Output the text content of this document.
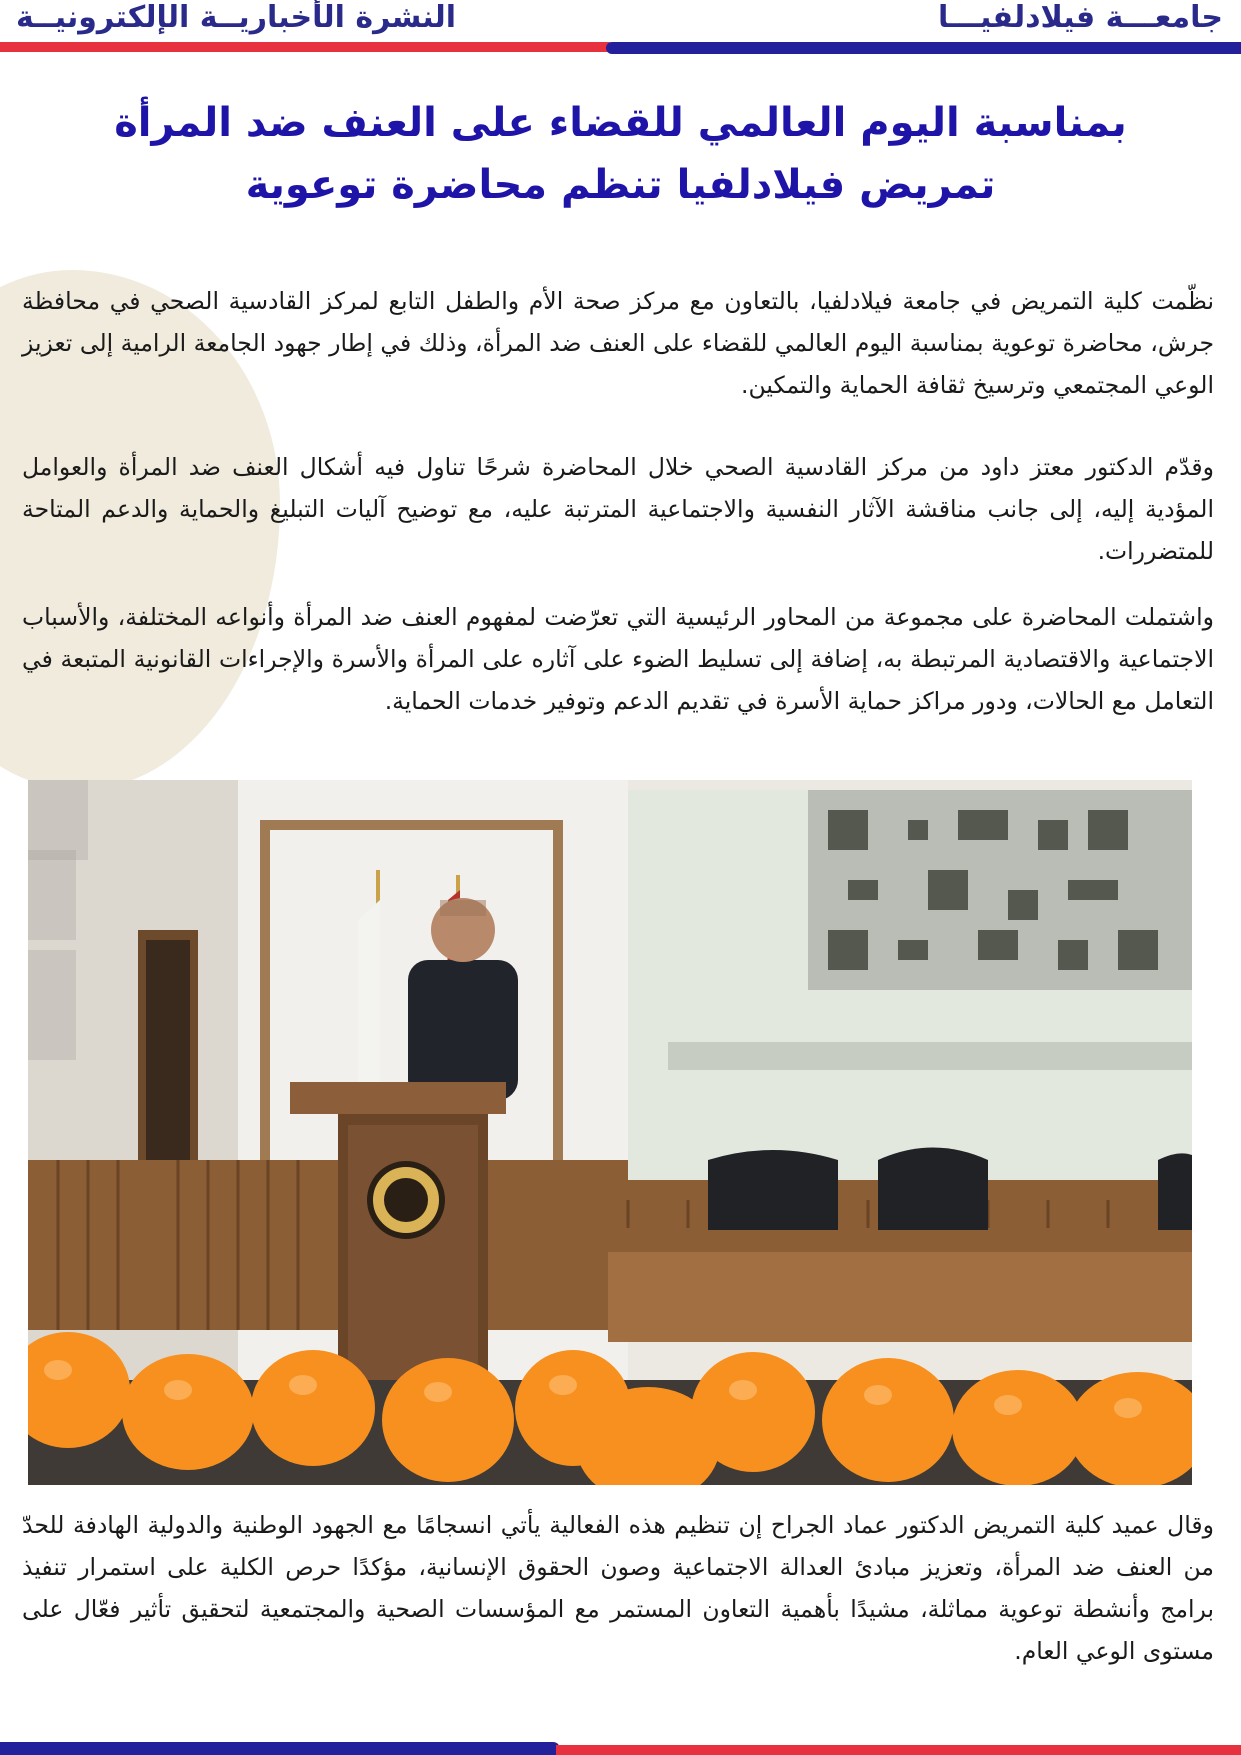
جامعـــة فيلادلفيـــا
النشرة الأخباريــة الإلكترونيــة
بمناسبة اليوم العالمي للقضاء على العنف ضد المرأة
تمريض فيلادلفيا تنظم محاضرة توعوية

نظّمت كلية التمريض في جامعة فيلادلفيا، بالتعاون مع مركز صحة الأم والطفل التابع لمركز القادسية الصحي في محافظة جرش، محاضرة توعوية بمناسبة اليوم العالمي للقضاء على العنف ضد المرأة، وذلك في إطار جهود الجامعة الرامية إلى تعزيز الوعي المجتمعي وترسيخ ثقافة الحماية والتمكين.

وقدّم الدكتور معتز داود من مركز القادسية الصحي خلال المحاضرة شرحًا تناول فيه أشكال العنف ضد المرأة والعوامل المؤدية إليه، إلى جانب مناقشة الآثار النفسية والاجتماعية المترتبة عليه، مع توضيح آليات التبليغ والحماية والدعم المتاحة للمتضررات.

واشتملت المحاضرة على مجموعة من المحاور الرئيسية التي تعرّضت لمفهوم العنف ضد المرأة وأنواعه المختلفة، والأسباب الاجتماعية والاقتصادية المرتبطة به، إضافة إلى تسليط الضوء على آثاره على المرأة والأسرة والإجراءات القانونية المتبعة في التعامل مع الحالات، ودور مراكز حماية الأسرة في تقديم الدعم وتوفير خدمات الحماية.

وقال عميد كلية التمريض الدكتور عماد الجراح إن تنظيم هذه الفعالية يأتي انسجامًا مع الجهود الوطنية والدولية الهادفة للحدّ من العنف ضد المرأة، وتعزيز مبادئ العدالة الاجتماعية وصون الحقوق الإنسانية، مؤكدًا حرص الكلية على استمرار تنفيذ برامج وأنشطة توعوية مماثلة، مشيدًا بأهمية التعاون المستمر مع المؤسسات الصحية والمجتمعية لتحقيق تأثير فعّال على مستوى الوعي العام.
